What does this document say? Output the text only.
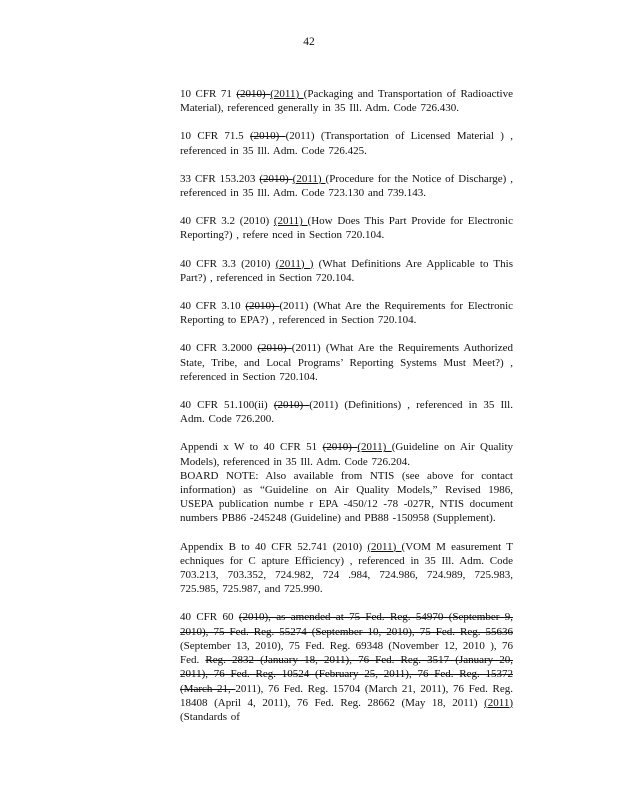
42

10 CFR 71 (2010) (2011) (Packaging and Transportation of Radioactive Material), referenced generally in 35 Ill. Adm. Code 726.430.

10 CFR 71.5 (2010) (2011) (Transportation of Licensed Material ) , referenced in 35 Ill. Adm. Code 726.425.

33 CFR 153.203 (2010) (2011) (Procedure for the Notice of Discharge) , referenced in 35 Ill. Adm. Code 723.130 and 739.143.

40 CFR 3.2 (2010) (2011) (How Does This Part Provide for Electronic Reporting?) , refere nced in Section 720.104.

40 CFR 3.3 (2010) (2011) ) (What Definitions Are Applicable to This Part?) , referenced in Section 720.104.

40 CFR 3.10 (2010) (2011) (What Are the Requirements for Electronic Reporting to EPA?) , referenced in Section 720.104.

40 CFR 3.2000 (2010) (2011) (What Are the Requirements Authorized State, Tribe, and Local Programs’ Reporting Systems Must Meet?) , referenced in Section 720.104.

40 CFR 51.100(ii) (2010) (2011) (Definitions) , referenced in 35 Ill. Adm. Code 726.200.

Appendi x W to 40 CFR 51 (2010) (2011) (Guideline on Air Quality Models), referenced in 35 Ill. Adm. Code 726.204.
BOARD NOTE: Also available from NTIS (see above for contact information) as “Guideline on Air Quality Models,” Revised 1986, USEPA publication numbe r EPA -450/12 -78 -027R, NTIS document numbers PB86 -245248 (Guideline) and PB88 -150958 (Supplement).

Appendix B to 40 CFR 52.741 (2010) (2011) (VOM M easurement T echniques for C apture Efficiency) , referenced in 35 Ill. Adm. Code 703.213, 703.352, 724.982, 724 .984, 724.986, 724.989, 725.983, 725.985, 725.987, and 725.990.

40 CFR 60 (2010), as amended at 75 Fed. Reg. 54970 (September 9, 2010), 75 Fed. Reg. 55274 (September 10, 2010), 75 Fed. Reg. 55636 (September 13, 2010), 75 Fed. Reg. 69348 (November 12, 2010 ), 76 Fed. Reg. 2832 (January 18, 2011), 76 Fed. Reg. 3517 (January 20, 2011), 76 Fed. Reg. 10524 (February 25, 2011), 76 Fed. Reg. 15372 (March 21, 2011), 76 Fed. Reg. 15704 (March 21, 2011), 76 Fed. Reg. 18408 (April 4, 2011), 76 Fed. Reg. 28662 (May 18, 2011) (2011) (Standards of
